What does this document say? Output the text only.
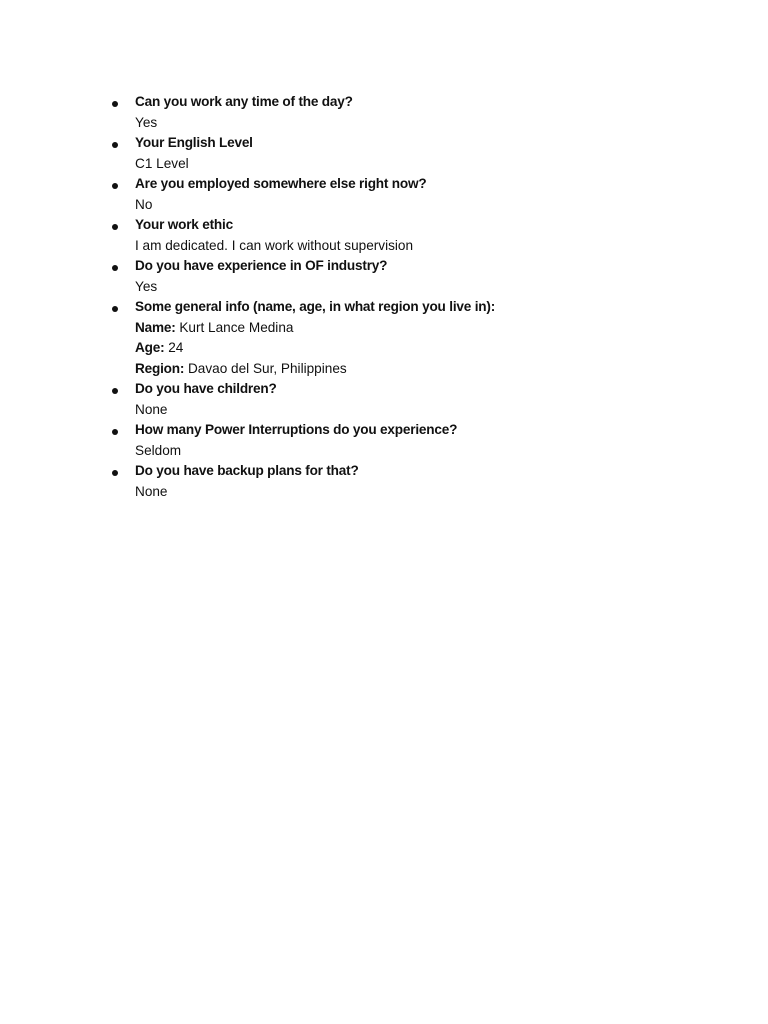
Can you work any time of the day?
Yes
Your English Level
C1 Level
Are you employed somewhere else right now?
No
Your work ethic
I am dedicated. I can work without supervision
Do you have experience in OF industry?
Yes
Some general info (name, age, in what region you live in):
Name: Kurt Lance Medina
Age: 24
Region: Davao del Sur, Philippines
Do you have children?
None
How many Power Interruptions do you experience?
Seldom
Do you have backup plans for that?
None
